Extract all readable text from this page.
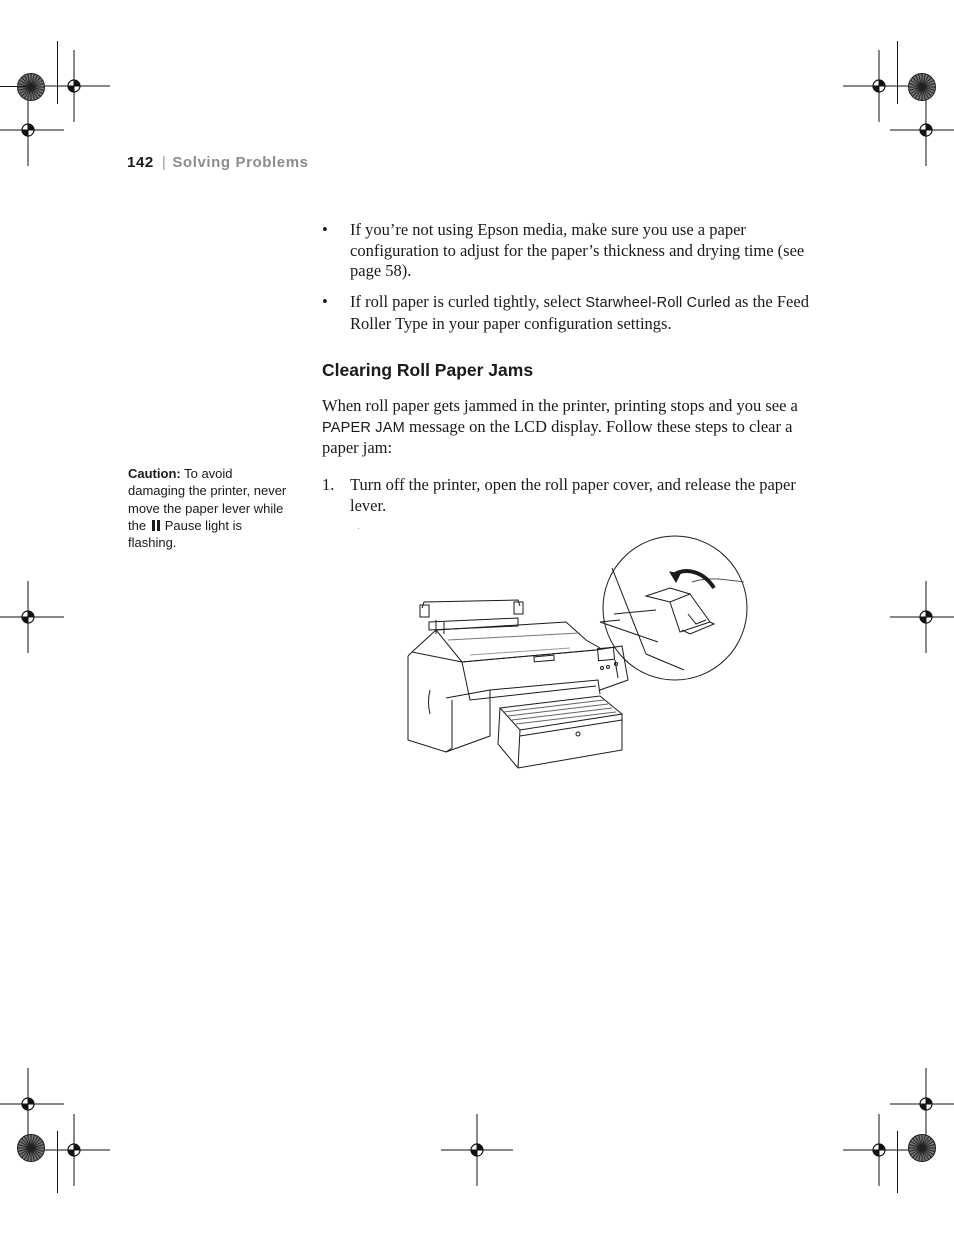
142 | Solving Problems
•	If you’re not using Epson media, make sure you use a paper configuration to adjust for the paper’s thickness and drying time (see page 58).
•	If roll paper is curled tightly, select Starwheel-Roll Curled as the Feed Roller Type in your paper configuration settings.
Clearing Roll Paper Jams
When roll paper gets jammed in the printer, printing stops and you see a PAPER JAM message on the LCD display. Follow these steps to clear a paper jam:
Caution: To avoid damaging the printer, never move the paper lever while the Pause light is flashing.
1. Turn off the printer, open the roll paper cover, and release the paper lever.
